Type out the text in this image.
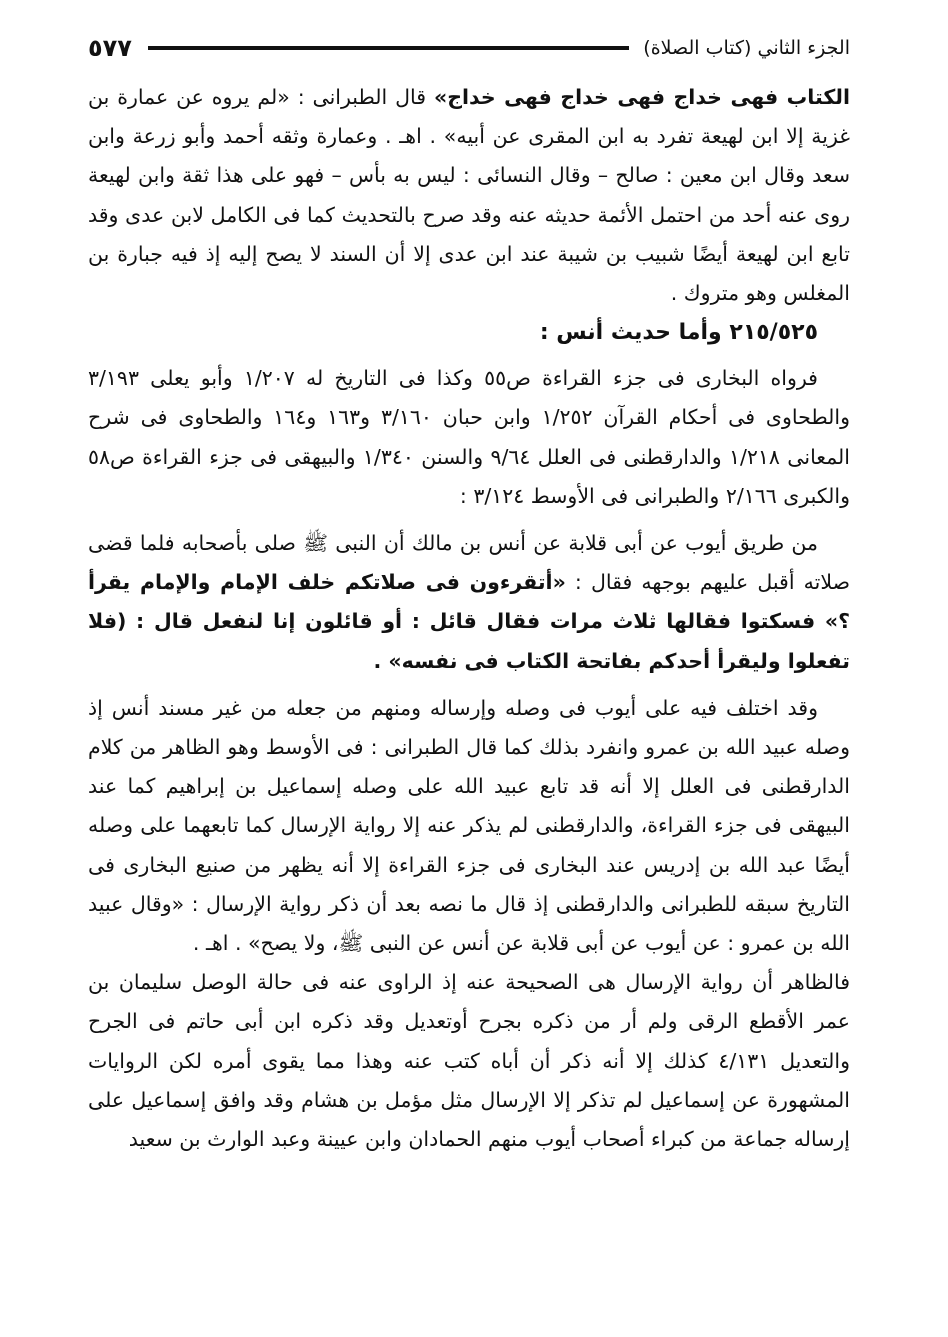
الجزء الثاني (كتاب الصلاة)
٥٧٧

الكتاب فهى خداج فهى خداج فهى خداج» قال الطبرانى : «لم يروه عن عمارة بن غزية إلا ابن لهيعة تفرد به ابن المقرى عن أبيه» . اهـ . وعمارة وثقه أحمد وأبو زرعة وابن سعد وقال ابن معين : صالح – وقال النسائى : ليس به بأس – فهو على هذا ثقة وابن لهيعة روى عنه أحد من احتمل الأئمة حديثه عنه وقد صرح بالتحديث كما فى الكامل لابن عدى وقد تابع ابن لهيعة أيضًا شبيب بن شيبة عند ابن عدى إلا أن السند لا يصح إليه إذ فيه جبارة بن المغلس وهو متروك .

٢١٥/٥٢٥ وأما حديث أنس :

فرواه البخارى فى جزء القراءة ص٥٥ وكذا فى التاريخ له ١/٢٠٧ وأبو يعلى ٣/١٩٣ والطحاوى فى أحكام القرآن ١/٢٥٢ وابن حبان ٣/١٦٠ و١٦٣ و١٦٤ والطحاوى فى شرح المعانى ١/٢١٨ والدارقطنى فى العلل ٩/٦٤ والسنن ١/٣٤٠ والبيهقى فى جزء القراءة ص٥٨ والكبرى ٢/١٦٦ والطبرانى فى الأوسط ٣/١٢٤ :

من طريق أيوب عن أبى قلابة عن أنس بن مالك أن النبى ﷺ صلى بأصحابه فلما قضى صلاته أقبل عليهم بوجهه فقال : «أتقرءون فى صلاتكم خلف الإمام والإمام يقرأ ؟» فسكتوا فقالها ثلاث مرات فقال قائل : أو قائلون إنا لنفعل قال : (فلا تفعلوا وليقرأ أحدكم بفاتحة الكتاب فى نفسه» .

وقد اختلف فيه على أيوب فى وصله وإرساله ومنهم من جعله من غير مسند أنس إذ وصله عبيد الله بن عمرو وانفرد بذلك كما قال الطبرانى : فى الأوسط وهو الظاهر من كلام الدارقطنى فى العلل إلا أنه قد تابع عبيد الله على وصله إسماعيل بن إبراهيم كما عند البيهقى فى جزء القراءة، والدارقطنى لم يذكر عنه إلا رواية الإرسال كما تابعهما على وصله أيضًا عبد الله بن إدريس عند البخارى فى جزء القراءة إلا أنه يظهر من صنيع البخارى فى التاريخ سبقه للطبرانى والدارقطنى إذ قال ما نصه بعد أن ذكر رواية الإرسال : «وقال عبيد الله بن عمرو : عن أيوب عن أبى قلابة عن أنس عن النبى ﷺ، ولا يصح» . اهـ .

فالظاهر أن رواية الإرسال هى الصحيحة عنه إذ الراوى عنه فى حالة الوصل سليمان بن عمر الأقطع الرقى ولم أر من ذكره بجرح أوتعديل وقد ذكره ابن أبى حاتم فى الجرح والتعديل ٤/١٣١ كذلك إلا أنه ذكر أن أباه كتب عنه وهذا مما يقوى أمره لكن الروايات المشهورة عن إسماعيل لم تذكر إلا الإرسال مثل مؤمل بن هشام وقد وافق إسماعيل على إرساله جماعة من كبراء أصحاب أيوب منهم الحمادان وابن عيينة وعبد الوارث بن سعيد
